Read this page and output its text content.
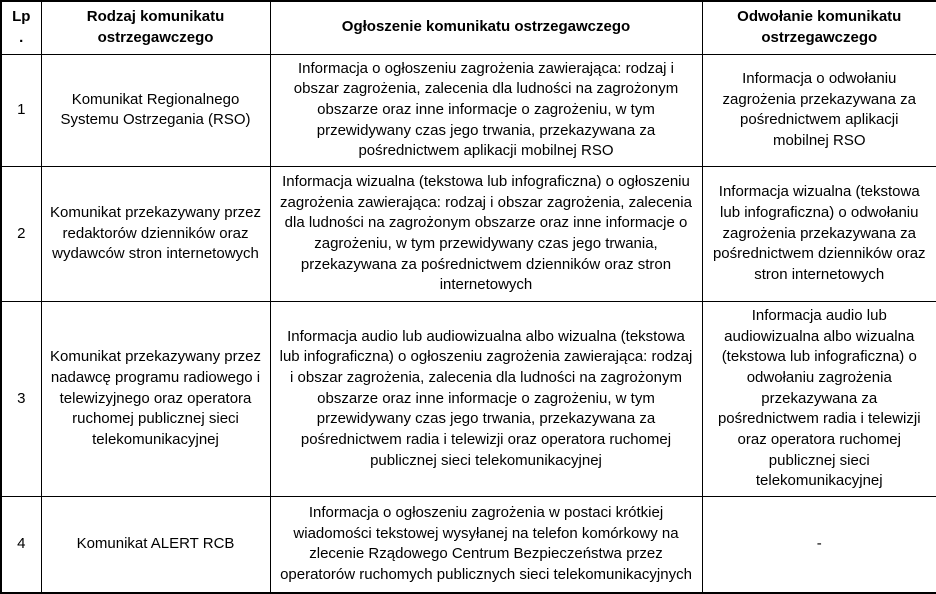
Lp.	Rodzaj komunikatu ostrzegawczego	Ogłoszenie komunikatu ostrzegawczego	Odwołanie komunikatu ostrzegawczego
1	Komunikat Regionalnego Systemu Ostrzegania (RSO)	Informacja o ogłoszeniu zagrożenia zawierająca: rodzaj i obszar zagrożenia, zalecenia dla ludności na zagrożonym obszarze oraz inne informacje o zagrożeniu, w tym przewidywany czas jego trwania, przekazywana za pośrednictwem aplikacji mobilnej RSO	Informacja o odwołaniu zagrożenia przekazywana za pośrednictwem aplikacji mobilnej RSO
2	Komunikat przekazywany przez redaktorów dzienników oraz wydawców stron internetowych	Informacja wizualna (tekstowa lub infograficzna) o ogłoszeniu zagrożenia zawierająca: rodzaj i obszar zagrożenia, zalecenia dla ludności na zagrożonym obszarze oraz inne informacje o zagrożeniu, w tym przewidywany czas jego trwania, przekazywana za pośrednictwem dzienników oraz stron internetowych	Informacja wizualna (tekstowa lub infograficzna) o odwołaniu zagrożenia przekazywana za pośrednictwem dzienników oraz stron internetowych
3	Komunikat przekazywany przez nadawcę programu radiowego i telewizyjnego oraz operatora ruchomej publicznej sieci telekomunikacyjnej	Informacja audio lub audiowizualna albo wizualna (tekstowa lub infograficzna) o ogłoszeniu zagrożenia zawierająca: rodzaj i obszar zagrożenia, zalecenia dla ludności na zagrożonym obszarze oraz inne informacje o zagrożeniu, w tym przewidywany czas jego trwania, przekazywana za pośrednictwem radia i telewizji oraz operatora ruchomej publicznej sieci telekomunikacyjnej	Informacja audio lub audiowizualna albo wizualna (tekstowa lub infograficzna) o odwołaniu zagrożenia przekazywana za pośrednictwem radia i telewizji oraz operatora ruchomej publicznej sieci telekomunikacyjnej
4	Komunikat ALERT RCB	Informacja o ogłoszeniu zagrożenia w postaci krótkiej wiadomości tekstowej wysyłanej na telefon komórkowy na zlecenie Rządowego Centrum Bezpieczeństwa przez operatorów ruchomych publicznych sieci telekomunikacyjnych	-
